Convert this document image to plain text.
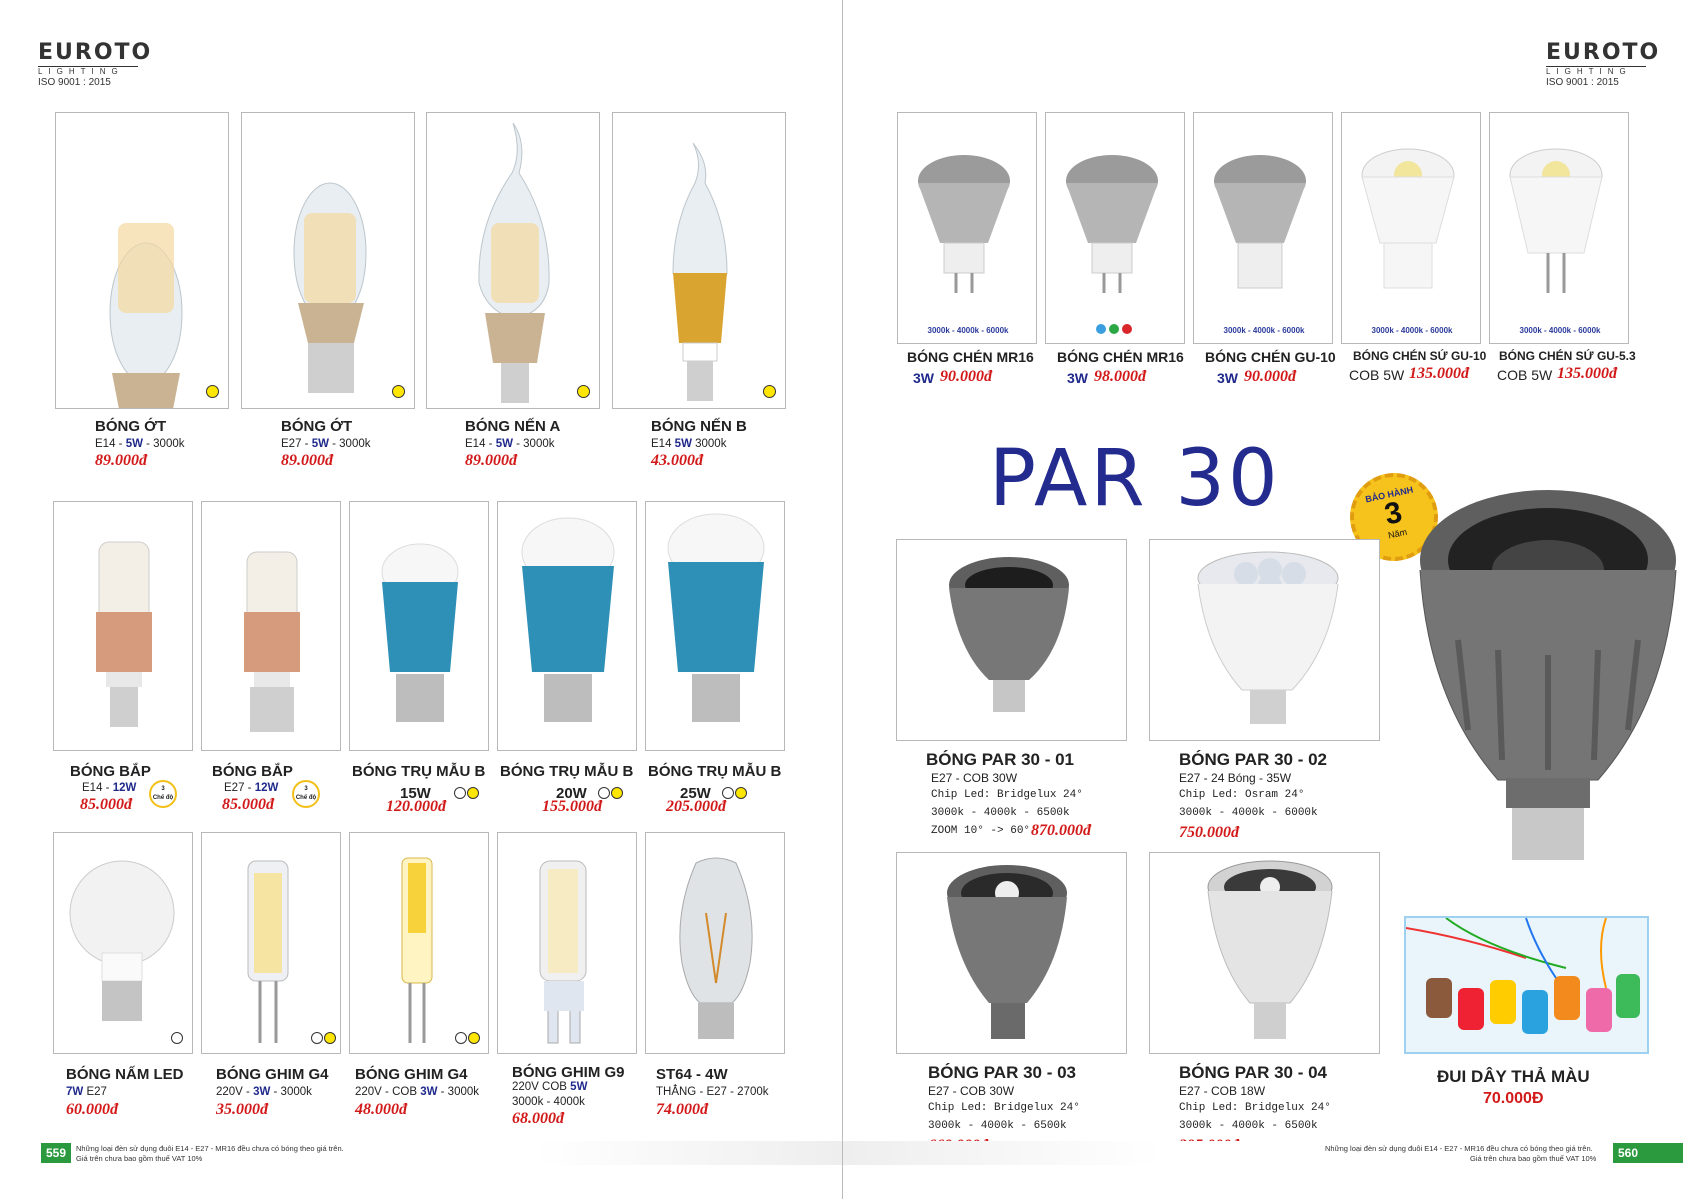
EUROTO
LIGHTING
ISO 9001 : 2015
BÓNG ỚT
E14 - 5W - 3000k
89.000đ
BÓNG ỚT
E27 - 5W - 3000k
89.000đ
BÓNG NẾN A
E14 - 5W - 3000k
89.000đ
BÓNG NẾN B
E14 5W 3000k
43.000đ
BÓNG BẮP
E14 - 12W
85.000đ
3
Chế độ
BÓNG BẮP
E27 - 12W
85.000đ
3
Chế độ
BÓNG TRỤ MẪU B
15W
120.000đ
BÓNG TRỤ MẪU B
20W
155.000đ
BÓNG TRỤ MẪU B
25W
205.000đ
BÓNG NẤM LED
7W E27
60.000đ
BÓNG GHIM G4
220V - 3W - 3000k
35.000đ
BÓNG GHIM G4
220V - COB 3W - 3000k
48.000đ
BÓNG GHIM G9
220V COB 5W
3000k - 4000k
68.000đ
ST64 - 4W
THẲNG - E27 - 2700k
74.000đ
559	Những loại đèn sử dụng đuôi E14 - E27 - MR16 đều chưa có bóng theo giá trên.
Giá trên chưa bao gồm thuế VAT 10%
EUROTO
LIGHTING
ISO 9001 : 2015
3000k - 4000k - 6000k	3000k - 4000k - 6000k	3000k - 4000k - 6000k	3000k - 4000k - 6000k
BÓNG CHÉN MR16
3W 90.000đ
BÓNG CHÉN MR16
3W 98.000đ
BÓNG CHÉN GU-10
3W 90.000đ
BÓNG CHÉN SỨ GU-10
COB 5W 135.000đ
BÓNG CHÉN SỨ GU-5.3
COB 5W 135.000đ
PAR 30	BẢO HÀNH
3
Năm
BÓNG PAR 30 - 01
E27 - COB 30W
Chip Led: Bridgelux 24°
3000k - 4000k - 6500k
ZOOM 10° -> 60° 870.000đ
BÓNG PAR 30 - 02
E27 - 24 Bóng - 35W
Chip Led: Osram 24°
3000k - 4000k - 6000k
750.000đ
BÓNG PAR 30 - 03
E27 - COB 30W
Chip Led: Bridgelux 24°
3000k - 4000k - 6500k
BÓNG PAR 30 - 04
E27 - COB 18W
Chip Led: Bridgelux 24°
3000k - 4000k - 6500k
ĐUI DÂY THẢ MÀU
70.000Đ
560
Những loại đèn sử dụng đuôi E14 - E27 - MR16 đều chưa có bóng theo giá trên.
Giá trên chưa bao gồm thuế VAT 10%
